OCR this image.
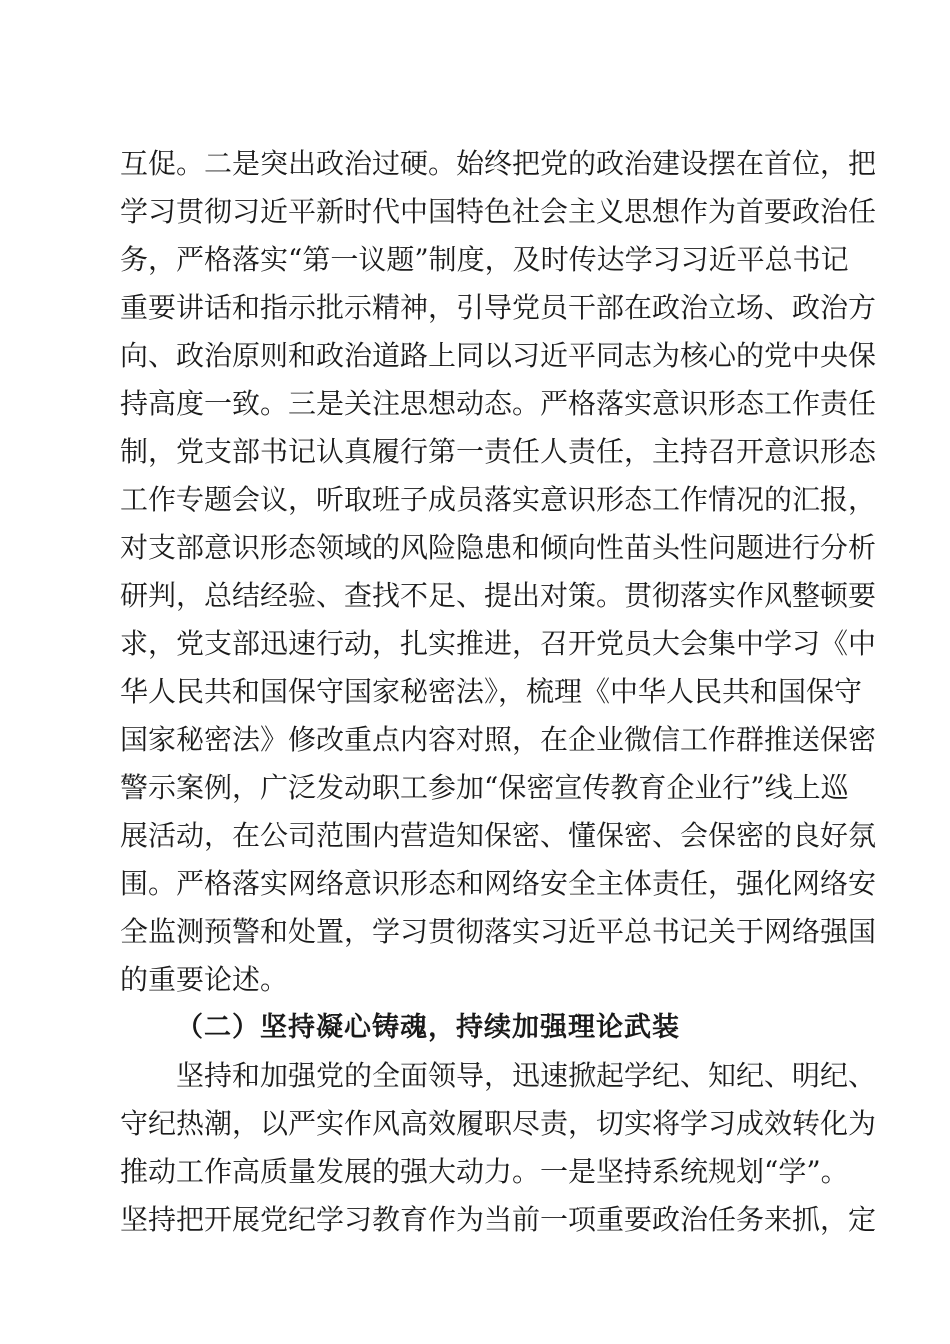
互促。二是突出政治过硬。始终把党的政治建设摆在首位，把
学习贯彻习近平新时代中国特色社会主义思想作为首要政治任
务，严格落实“第一议题”制度，及时传达学习习近平总书记
重要讲话和指示批示精神，引导党员干部在政治立场、政治方
向、政治原则和政治道路上同以习近平同志为核心的党中央保
持高度一致。三是关注思想动态。严格落实意识形态工作责任
制，党支部书记认真履行第一责任人责任，主持召开意识形态
工作专题会议，听取班子成员落实意识形态工作情况的汇报，
对支部意识形态领域的风险隐患和倾向性苗头性问题进行分析
研判，总结经验、查找不足、提出对策。贯彻落实作风整顿要
求，党支部迅速行动，扎实推进，召开党员大会集中学习《中
华人民共和国保守国家秘密法》，梳理《中华人民共和国保守
国家秘密法》修改重点内容对照，在企业微信工作群推送保密
警示案例，广泛发动职工参加“保密宣传教育企业行”线上巡
展活动，在公司范围内营造知保密、懂保密、会保密的良好氛
围。严格落实网络意识形态和网络安全主体责任，强化网络安
全监测预警和处置，学习贯彻落实习近平总书记关于网络强国
的重要论述。
（二）坚持凝心铸魂，持续加强理论武装
坚持和加强党的全面领导，迅速掀起学纪、知纪、明纪、
守纪热潮，以严实作风高效履职尽责，切实将学习成效转化为
推动工作高质量发展的强大动力。一是坚持系统规划“学”。
坚持把开展党纪学习教育作为当前一项重要政治任务来抓，定
